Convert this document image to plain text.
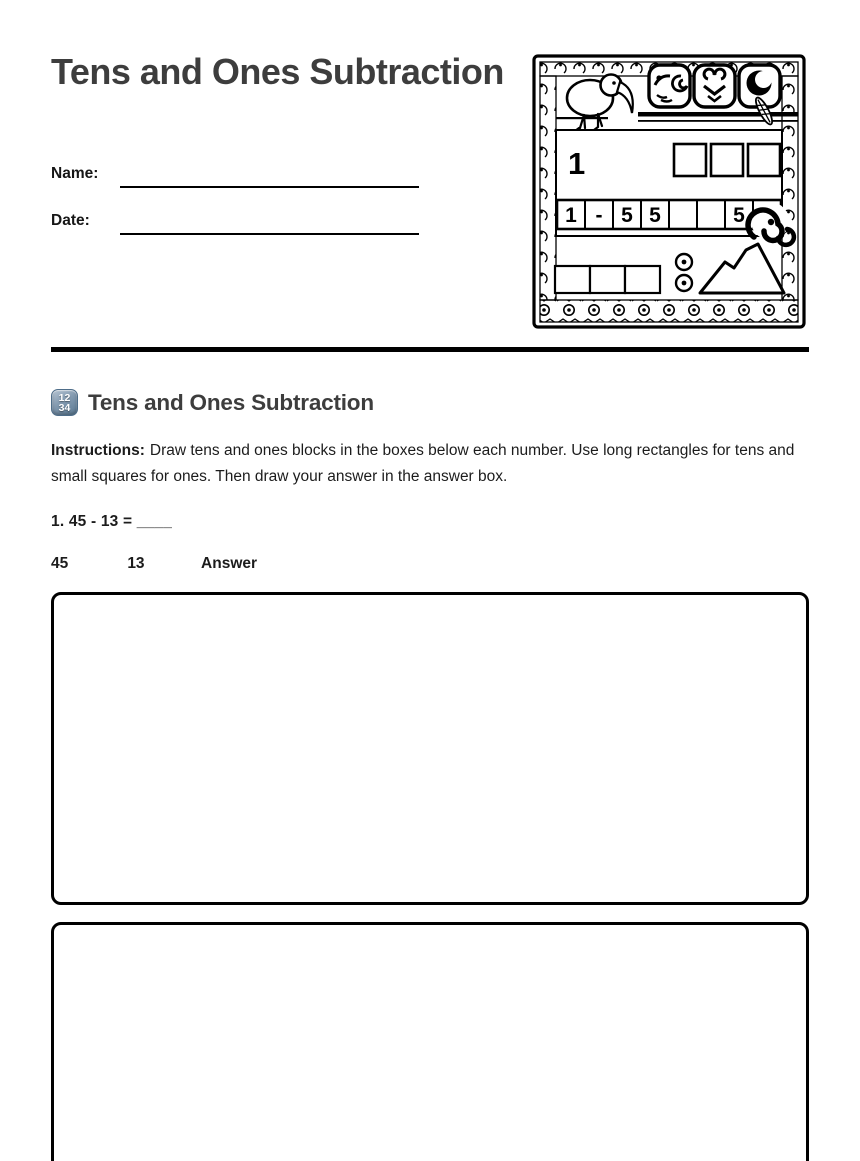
Tens and Ones Subtraction
Name:
Date:
1
1 - 5 5	5
12
34 Tens and Ones Subtraction

Instructions: Draw tens and ones blocks in the boxes below each number. Use long rectangles for tens and small squares for ones. Then draw your answer in the answer box.

1. 45 - 13 = ____

45	13	Answer
